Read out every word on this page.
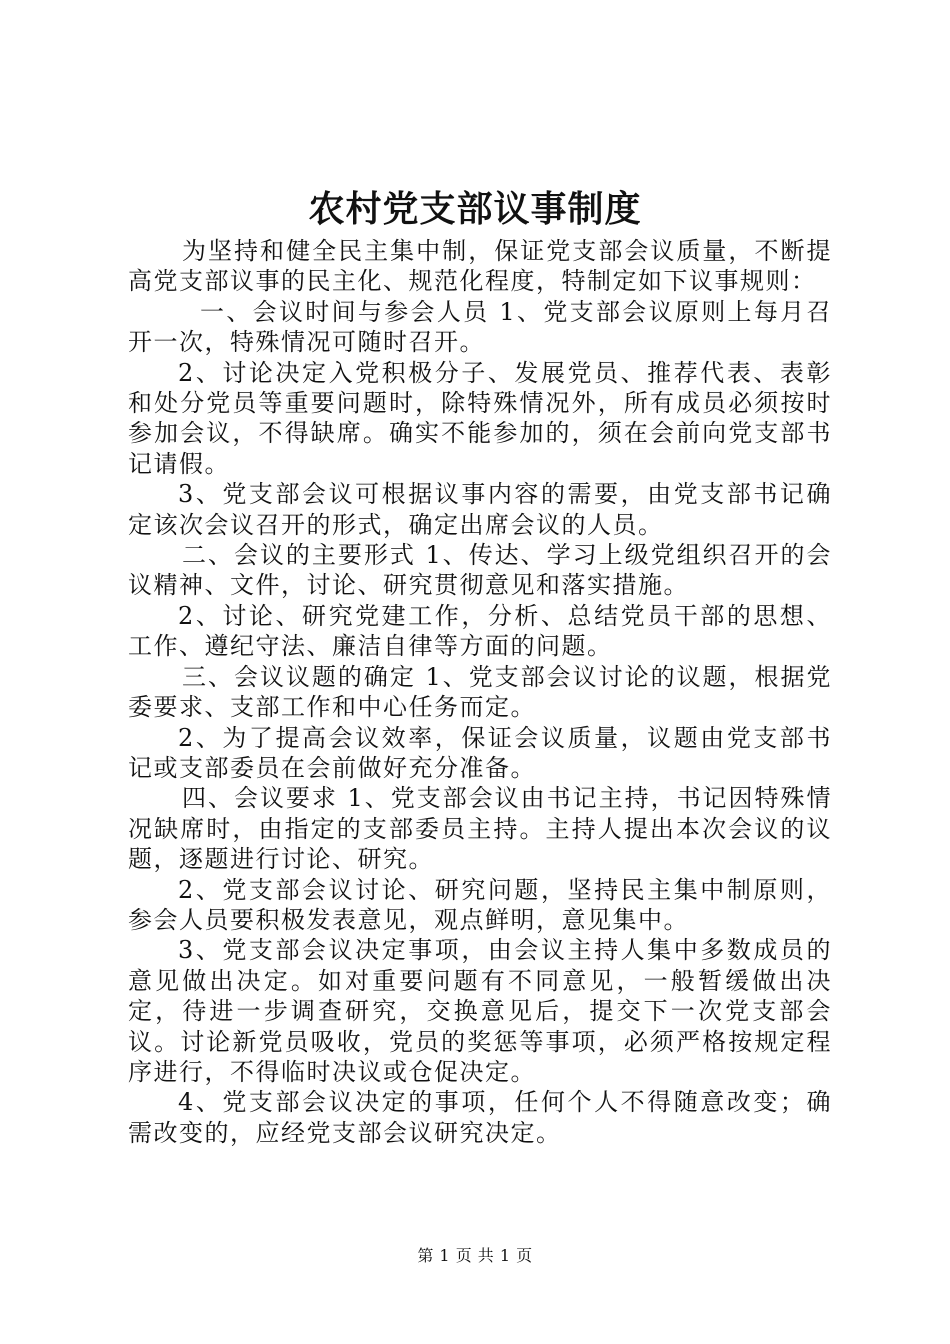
农村党支部议事制度

为坚持和健全民主集中制，保证党支部会议质量，不断提高党支部议事的民主化、规范化程度，特制定如下议事规则：

一、会议时间与参会人员 1、党支部会议原则上每月召开一次，特殊情况可随时召开。

2、讨论决定入党积极分子、发展党员、推荐代表、表彰和处分党员等重要问题时，除特殊情况外，所有成员必须按时参加会议，不得缺席。确实不能参加的，须在会前向党支部书记请假。

3、党支部会议可根据议事内容的需要，由党支部书记确定该次会议召开的形式，确定出席会议的人员。

二、会议的主要形式 1、传达、学习上级党组织召开的会议精神、文件，讨论、研究贯彻意见和落实措施。

2、讨论、研究党建工作，分析、总结党员干部的思想、工作、遵纪守法、廉洁自律等方面的问题。

三、会议议题的确定 1、党支部会议讨论的议题，根据党委要求、支部工作和中心任务而定。

2、为了提高会议效率，保证会议质量，议题由党支部书记或支部委员在会前做好充分准备。

四、会议要求 1、党支部会议由书记主持，书记因特殊情况缺席时，由指定的支部委员主持。主持人提出本次会议的议题，逐题进行讨论、研究。

2、党支部会议讨论、研究问题，坚持民主集中制原则，参会人员要积极发表意见，观点鲜明，意见集中。

3、党支部会议决定事项，由会议主持人集中多数成员的意见做出决定。如对重要问题有不同意见，一般暂缓做出决定，待进一步调查研究，交换意见后，提交下一次党支部会议。讨论新党员吸收，党员的奖惩等事项，必须严格按规定程序进行，不得临时决议或仓促决定。

4、党支部会议决定的事项，任何个人不得随意改变；确需改变的，应经党支部会议研究决定。

第 1 页 共 1 页
